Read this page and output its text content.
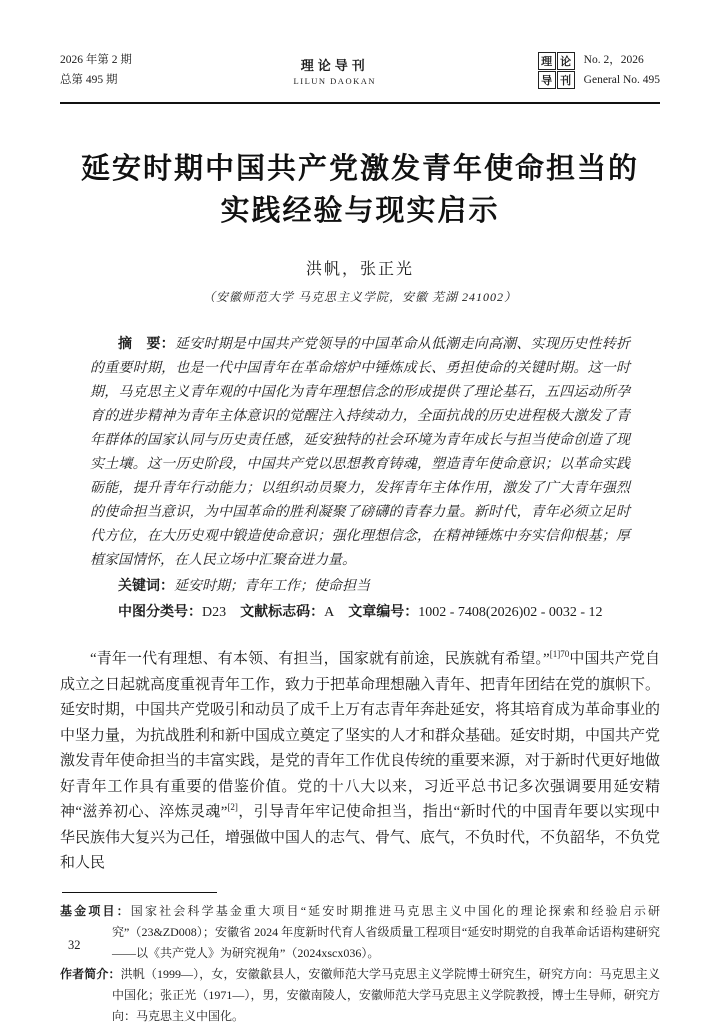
2026 年第 2 期
总第 495 期
理论导刊
LILUN DAOKAN
理 论
导 刊
No. 2，2026
General No. 495
延安时期中国共产党激发青年使命担当的
实践经验与现实启示
洪帆，张正光
（安徽师范大学 马克思主义学院，安徽 芜湖 241002）

摘　要：延安时期是中国共产党领导的中国革命从低潮走向高潮、实现历史性转折的重要时期，也是一代中国青年在革命熔炉中锤炼成长、勇担使命的关键时期。这一时期，马克思主义青年观的中国化为青年理想信念的形成提供了理论基石，五四运动所孕育的进步精神为青年主体意识的觉醒注入持续动力，全面抗战的历史进程极大激发了青年群体的国家认同与历史责任感，延安独特的社会环境为青年成长与担当使命创造了现实土壤。这一历史阶段，中国共产党以思想教育铸魂，塑造青年使命意识；以革命实践砺能，提升青年行动能力；以组织动员聚力，发挥青年主体作用，激发了广大青年强烈的使命担当意识，为中国革命的胜利凝聚了磅礴的青春力量。新时代，青年必须立足时代方位，在大历史观中锻造使命意识；强化理想信念，在精神锤炼中夯实信仰根基；厚植家国情怀，在人民立场中汇聚奋进力量。

关键词：延安时期；青年工作；使命担当

中图分类号：D23 文献标志码：A 文章编号：1002 - 7408(2026)02 - 0032 - 12

“青年一代有理想、有本领、有担当，国家就有前途，民族就有希望。”$^{[1]70}$中国共产党自成立之日起就高度重视青年工作，致力于把革命理想融入青年、把青年团结在党的旗帜下。延安时期，中国共产党吸引和动员了成千上万有志青年奔赴延安，将其培育成为革命事业的中坚力量，为抗战胜利和新中国成立奠定了坚实的人才和群众基础。延安时期，中国共产党激发青年使命担当的丰富实践，是党的青年工作优良传统的重要来源，对于新时代更好地做好青年工作具有重要的借鉴价值。党的十八大以来，习近平总书记多次强调要用延安精神“滋养初心、淬炼灵魂”[2]，引导青年牢记使命担当，指出“新时代的中国青年要以实现中华民族伟大复兴为己任，增强做中国人的志气、骨气、底气，不负时代，不负韶华，不负党和人民

基金项目：国家社会科学基金重大项目“延安时期推进马克思主义中国化的理论探索和经验启示研究”（23&ZD008）；安徽省 2024 年度新时代育人省级质量工程项目“延安时期党的自我革命话语构建研究——以《共产党人》为研究视角”（2024xscx036）。

作者简介：洪帆（1999—），女，安徽歙县人，安徽师范大学马克思主义学院博士研究生，研究方向：马克思主义中国化；张正光（1971—），男，安徽南陵人，安徽师范大学马克思主义学院教授，博士生导师，研究方向：马克思主义中国化。

32
